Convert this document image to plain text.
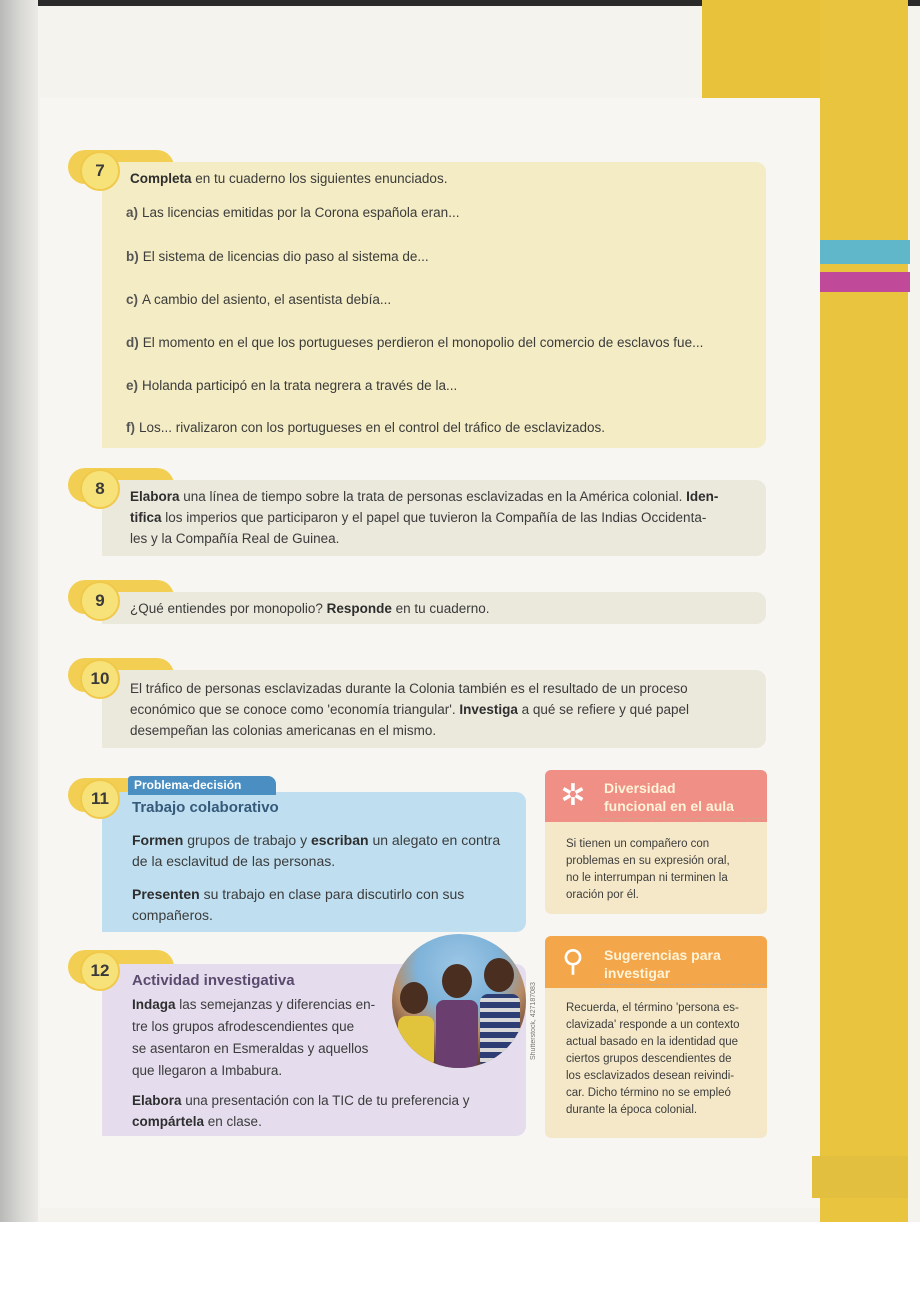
7	Completa en tu cuaderno los siguientes enunciados.
a) Las licencias emitidas por la Corona española eran...
b) El sistema de licencias dio paso al sistema de...
c) A cambio del asiento, el asentista debía...
d) El momento en el que los portugueses perdieron el monopolio del comercio de esclavos fue...
e) Holanda participó en la trata negrera a través de la...
f) Los... rivalizaron con los portugueses en el control del tráfico de esclavizados.
8	Elabora una línea de tiempo sobre la trata de personas esclavizadas en la América colonial. Iden-
tifica los imperios que participaron y el papel que tuvieron la Compañía de las Indias Occidenta-
les y la Compañía Real de Guinea.
9	¿Qué entiendes por monopolio? Responde en tu cuaderno.
10
El tráfico de personas esclavizadas durante la Colonia también es el resultado de un proceso
económico que se conoce como 'economía triangular'. Investiga a qué se refiere y qué papel
desempeñan las colonias americanas en el mismo.
Problema-decisión
11	Trabajo colaborativo
Formen grupos de trabajo y escriban un alegato en contra
de la esclavitud de las personas.
Presenten su trabajo en clase para discutirlo con sus
compañeros.
12
Actividad investigativa
Indaga las semejanzas y diferencias en-
tre los grupos afrodescendientes que
se asentaron en Esmeraldas y aquellos
que llegaron a Imbabura.
Elabora una presentación con la TIC de tu preferencia y
compártela en clase.
Shutterstock, 427187083
✲	Diversidad
funcional en el aula
Si tienen un compañero con
problemas en su expresión oral,
no le interrumpan ni terminen la
oración por él.
⚲	Sugerencias para
investigar
Recuerda, el término 'persona es-
clavizada' responde a un contexto
actual basado en la identidad que
ciertos grupos descendientes de
los esclavizados desean reivindi-
car. Dicho término no se empleó
durante la época colonial.
